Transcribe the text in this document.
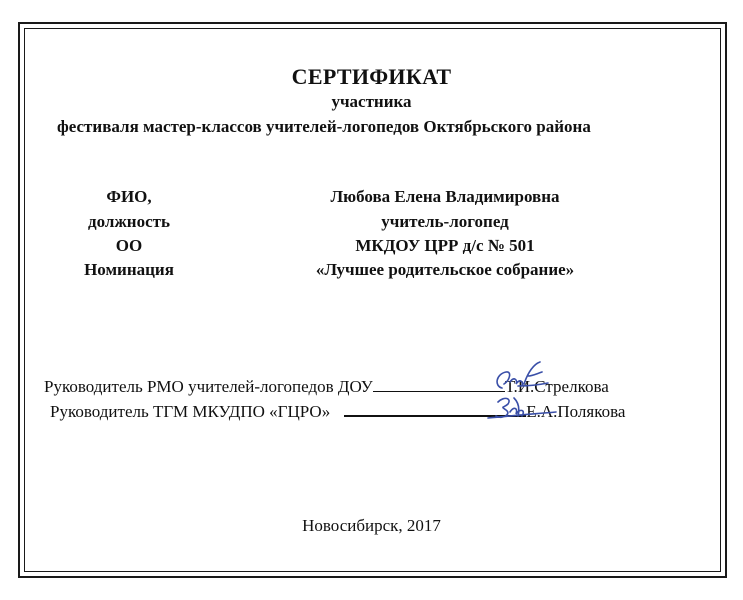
СЕРТИФИКАТ
участника
фестиваля мастер-классов учителей-логопедов Октябрьского района
ФИО,
должность
ОО
Номинация
Любова Елена Владимировна
учитель-логопед
МКДОУ ЦРР д/с № 501
«Лучшее родительское собрание»
Руководитель РМО учителей-логопедов ДОУ	Т.И.Стрелкова
Руководитель ТГМ МКУДПО «ГЦРО»	Е.А.Полякова
Новосибирск, 2017
